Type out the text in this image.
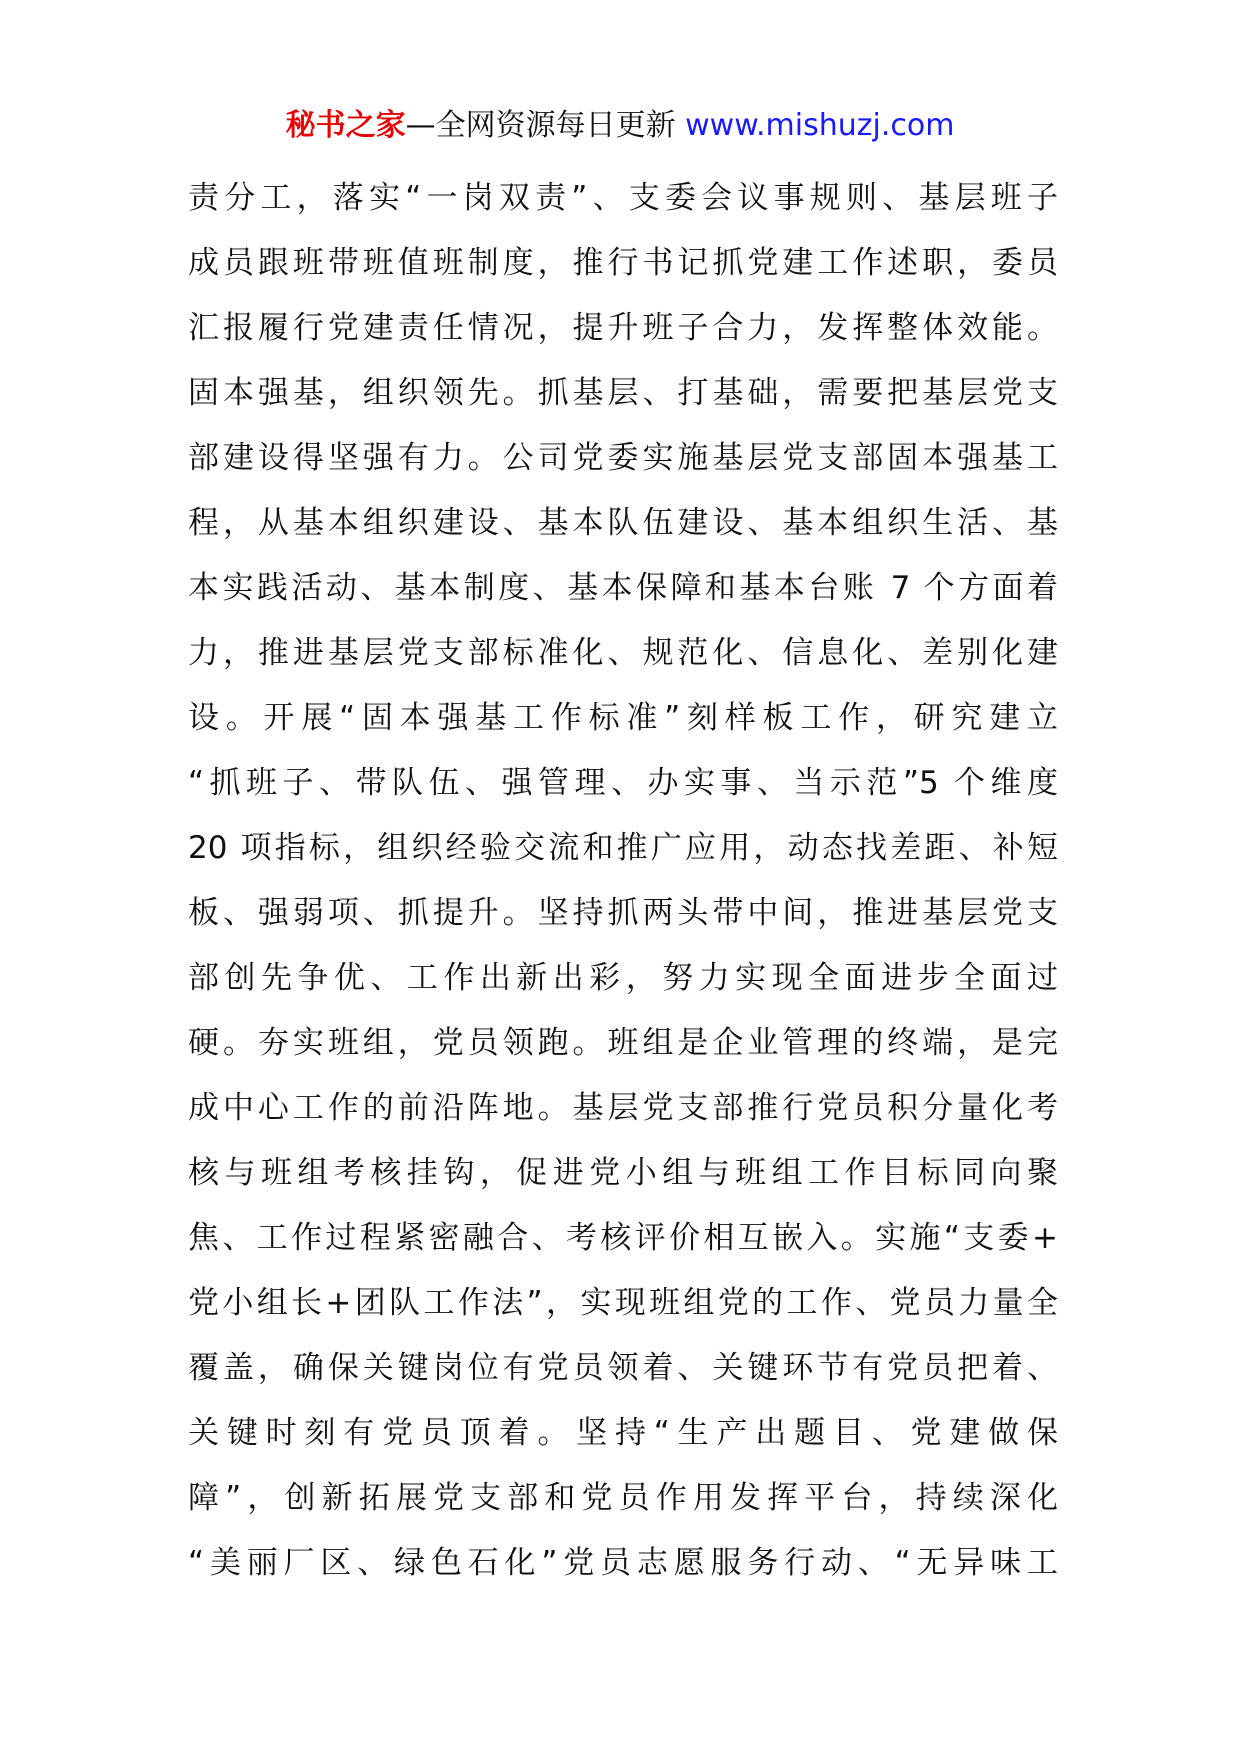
秘书之家—全网资源每日更新 www.mishuzj.com
责分工，落实“一岗双责”、支委会议事规则、基层班子
成员跟班带班值班制度，推行书记抓党建工作述职，委员
汇报履行党建责任情况，提升班子合力，发挥整体效能。
固本强基，组织领先。抓基层、打基础，需要把基层党支
部建设得坚强有力。公司党委实施基层党支部固本强基工
程，从基本组织建设、基本队伍建设、基本组织生活、基
本实践活动、基本制度、基本保障和基本台账 7 个方面着
力，推进基层党支部标准化、规范化、信息化、差别化建
设。开展“固本强基工作标准”刻样板工作，研究建立
“抓班子、带队伍、强管理、办实事、当示范”5 个维度
20 项指标，组织经验交流和推广应用，动态找差距、补短
板、强弱项、抓提升。坚持抓两头带中间，推进基层党支
部创先争优、工作出新出彩，努力实现全面进步全面过
硬。夯实班组，党员领跑。班组是企业管理的终端，是完
成中心工作的前沿阵地。基层党支部推行党员积分量化考
核与班组考核挂钩，促进党小组与班组工作目标同向聚
焦、工作过程紧密融合、考核评价相互嵌入。实施“支委+
党小组长+团队工作法”，实现班组党的工作、党员力量全
覆盖，确保关键岗位有党员领着、关键环节有党员把着、
关键时刻有党员顶着。坚持“生产出题目、党建做保
障”，创新拓展党支部和党员作用发挥平台，持续深化
“美丽厂区、绿色石化”党员志愿服务行动、“无异味工
